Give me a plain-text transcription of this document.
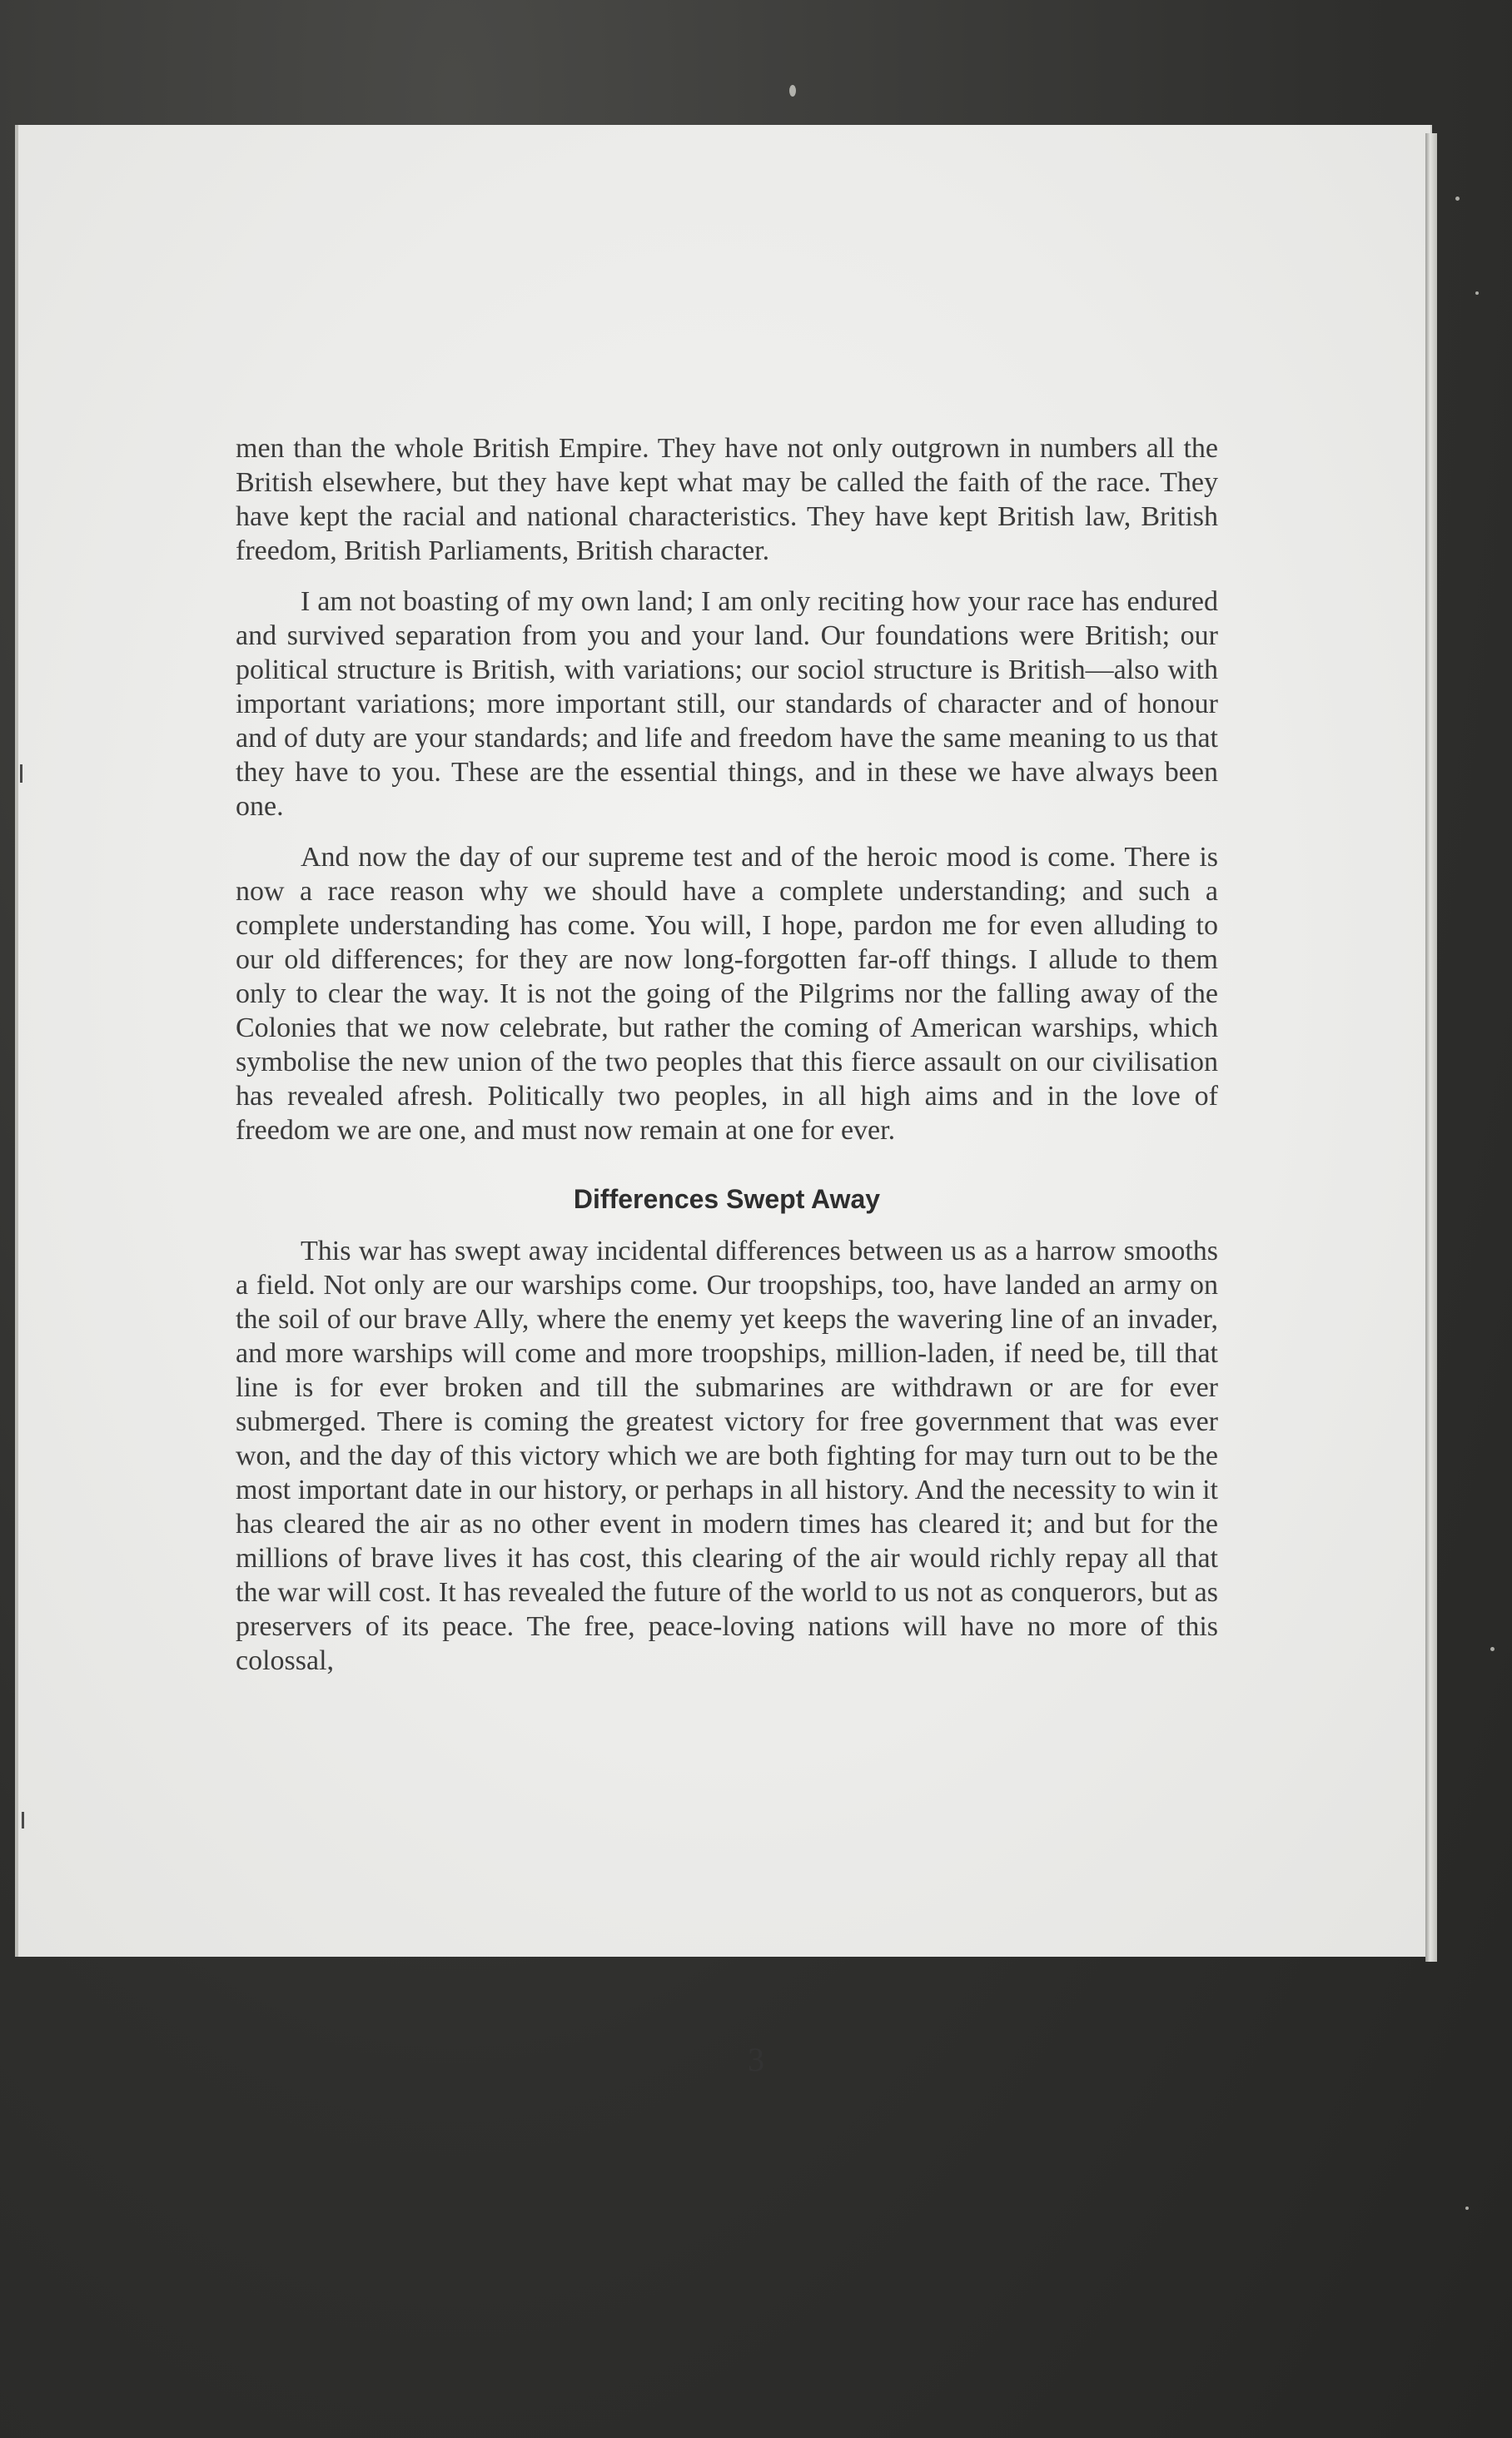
men than the whole British Empire. They have not only outgrown in numbers all the British elsewhere, but they have kept what may be called the faith of the race. They have kept the racial and national characteristics. They have kept British law, British freedom, British Parliaments, British character.

I am not boasting of my own land; I am only reciting how your race has endured and survived separation from you and your land. Our foundations were British; our political structure is British, with variations; our sociol structure is British—also with important variations; more important still, our standards of character and of honour and of duty are your standards; and life and freedom have the same meaning to us that they have to you. These are the essential things, and in these we have always been one.

And now the day of our supreme test and of the heroic mood is come. There is now a race reason why we should have a complete understanding; and such a complete understanding has come. You will, I hope, pardon me for even alluding to our old differences; for they are now long-forgotten far-off things. I allude to them only to clear the way. It is not the going of the Pilgrims nor the falling away of the Colonies that we now celebrate, but rather the coming of American warships, which symbolise the new union of the two peoples that this fierce assault on our civilisation has revealed afresh. Politically two peoples, in all high aims and in the love of freedom we are one, and must now remain at one for ever.

Differences Swept Away

This war has swept away incidental differences between us as a harrow smooths a field. Not only are our warships come. Our troopships, too, have landed an army on the soil of our brave Ally, where the enemy yet keeps the wavering line of an invader, and more warships will come and more troopships, million-laden, if need be, till that line is for ever broken and till the submarines are withdrawn or are for ever submerged. There is coming the greatest victory for free government that was ever won, and the day of this victory which we are both fighting for may turn out to be the most important date in our history, or perhaps in all history. And the necessity to win it has cleared the air as no other event in modern times has cleared it; and but for the millions of brave lives it has cost, this clearing of the air would richly repay all that the war will cost. It has revealed the future of the world to us not as conquerors, but as preservers of its peace. The free, peace-loving nations will have no more of this colossal,

3
